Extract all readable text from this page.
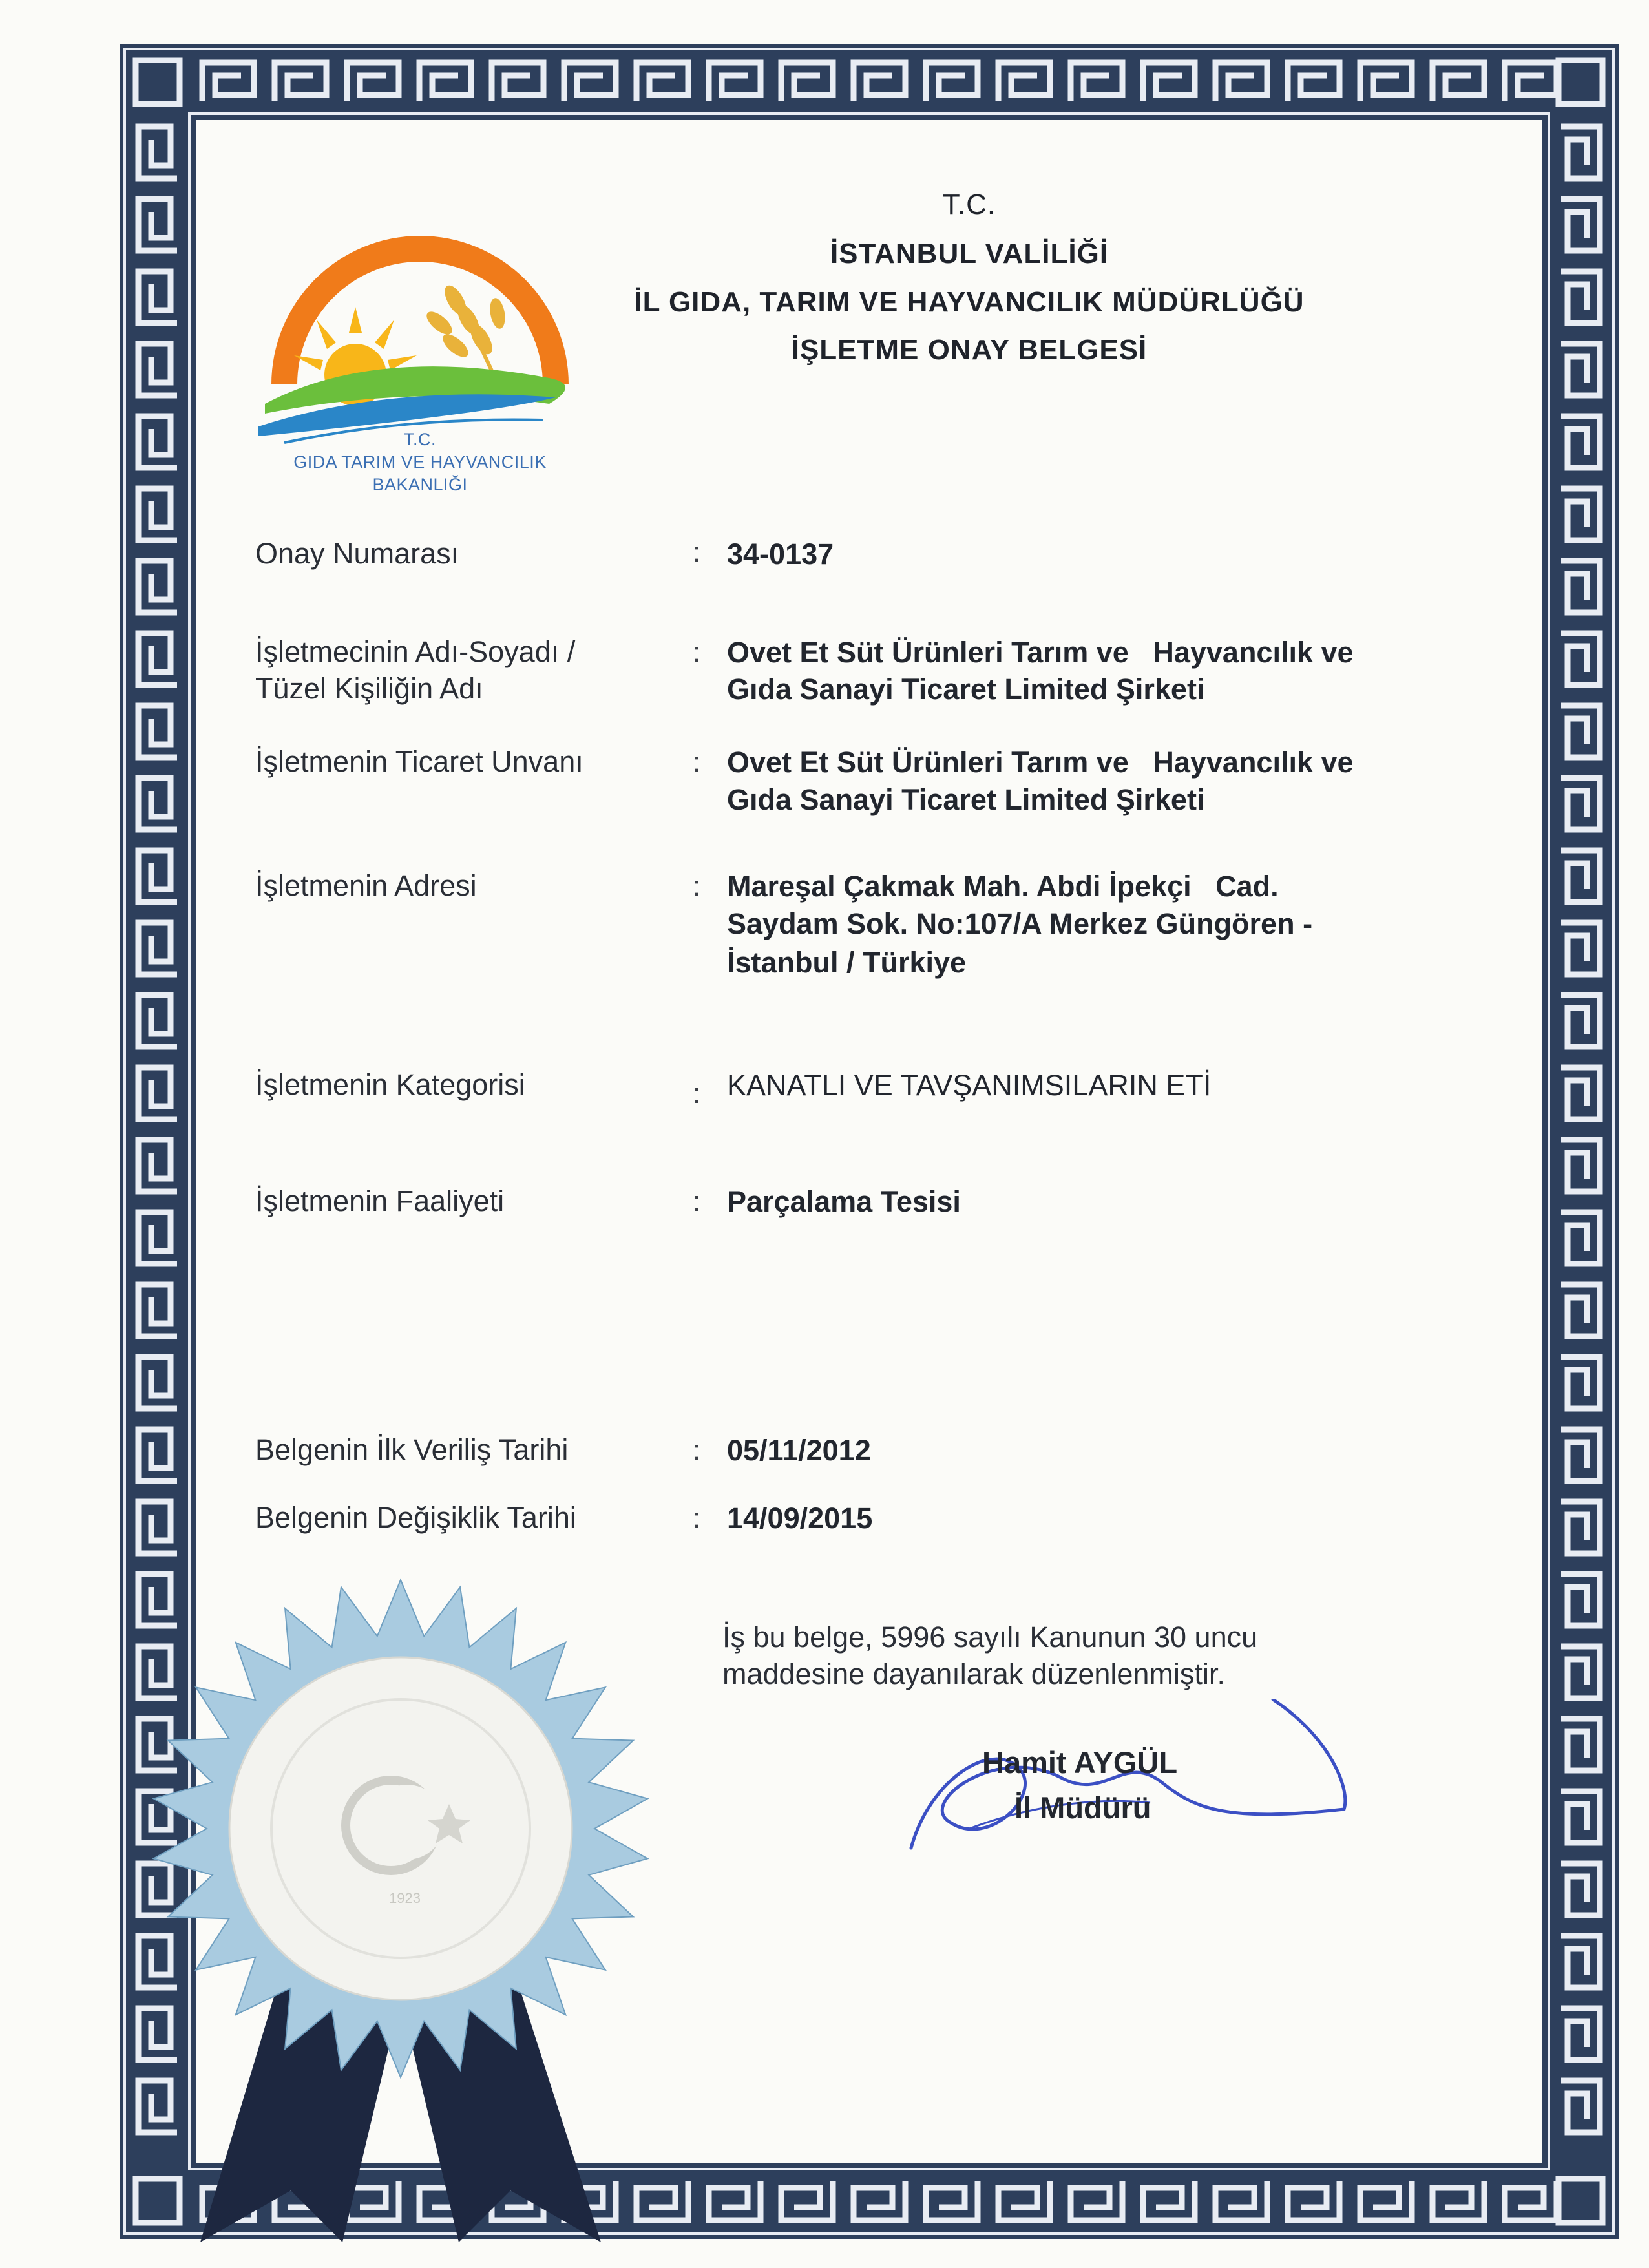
T.C.
GIDA TARIM VE HAYVANCILIK
BAKANLIĞI
T.C.
İSTANBUL VALİLİĞİ
İL GIDA, TARIM VE HAYVANCILIK MÜDÜRLÜĞÜ
İŞLETME ONAY BELGESİ
Onay Numarası	: 34-0137
İşletmecinin Adı-Soyadı /
Tüzel Kişiliğin Adı
: Ovet Et Süt Ürünleri Tarım ve   Hayvancılık ve
Gıda Sanayi Ticaret Limited Şirketi
İşletmenin Ticaret Unvanı	: Ovet Et Süt Ürünleri Tarım ve   Hayvancılık ve
Gıda Sanayi Ticaret Limited Şirketi
İşletmenin Adresi	: Mareşal Çakmak Mah. Abdi İpekçi   Cad.
Saydam Sok. No:107/A Merkez Güngören -
İstanbul / Türkiye
İşletmenin Kategorisi	: KANATLI VE TAVŞANIMSILARIN ETİ
İşletmenin Faaliyeti	: Parçalama Tesisi
Belgenin İlk Veriliş Tarihi	: 05/11/2012
Belgenin Değişiklik Tarihi	: 14/09/2015
İş bu belge, 5996 sayılı Kanunun 30 uncu
maddesine dayanılarak düzenlenmiştir.
1923
Hamit AYGÜL
İl Müdürü
